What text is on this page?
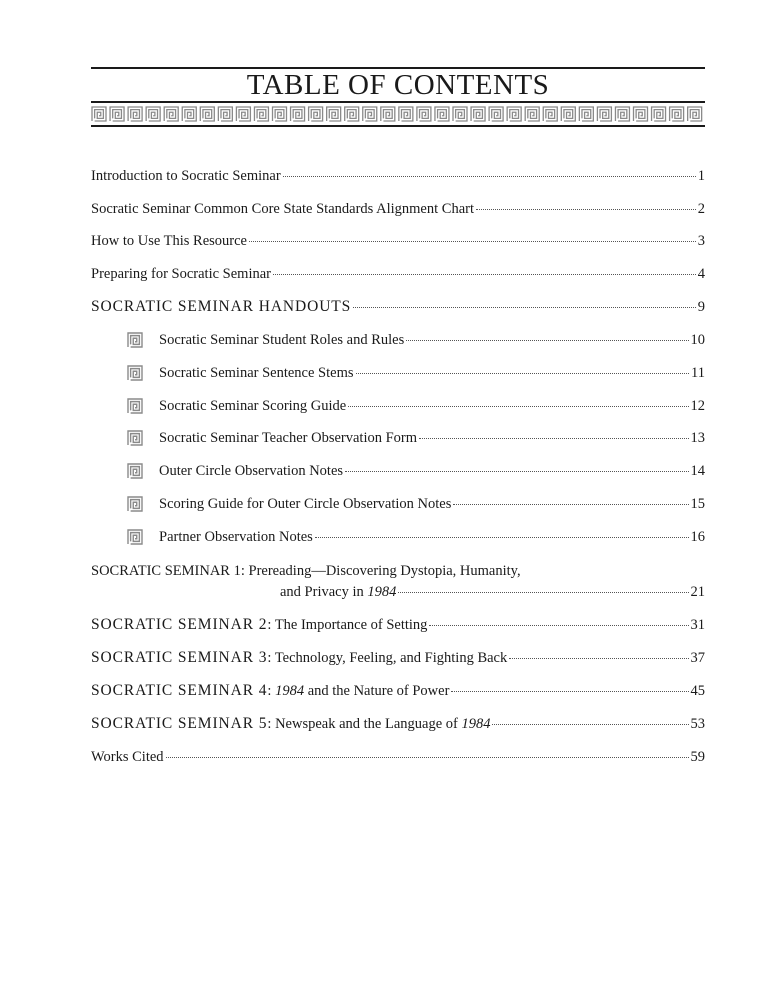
TABLE OF CONTENTS
Introduction to Socratic Seminar	1
Socratic Seminar Common Core State Standards Alignment Chart	2
How to Use This Resource	3
Preparing for Socratic Seminar	4
SOCRATIC SEMINAR HANDOUTS	9
Socratic Seminar Student Roles and Rules	10
Socratic Seminar Sentence Stems	11
Socratic Seminar Scoring Guide	12
Socratic Seminar Teacher Observation Form	13
Outer Circle Observation Notes	14
Scoring Guide for Outer Circle Observation Notes	15
Partner Observation Notes	16
SOCRATIC SEMINAR 1: Prereading—Discovering Dystopia, Humanity,
and Privacy in 1984	21
SOCRATIC SEMINAR 2: The Importance of Setting	31
SOCRATIC SEMINAR 3: Technology, Feeling, and Fighting Back	37
SOCRATIC SEMINAR 4: 1984 and the Nature of Power	45
SOCRATIC SEMINAR 5: Newspeak and the Language of 1984	53
Works Cited	59
